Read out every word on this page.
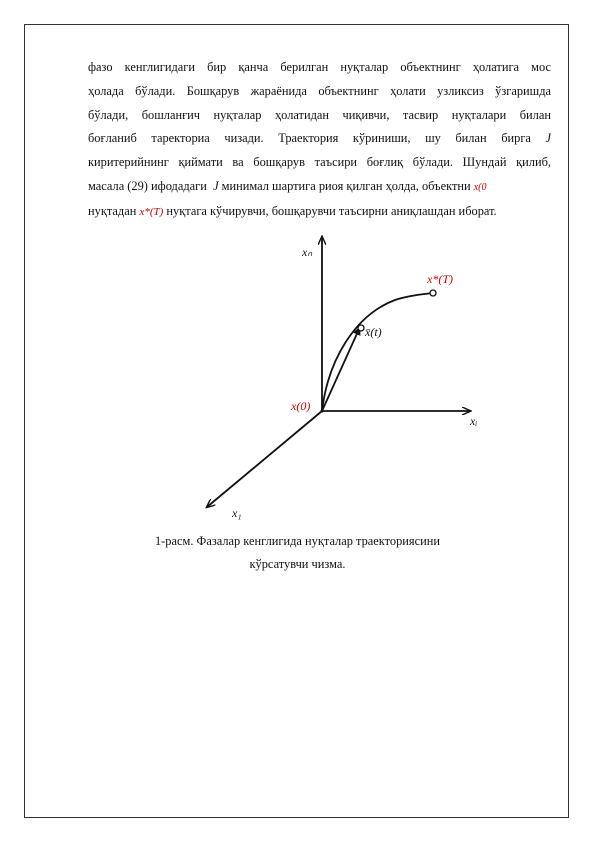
фазо кенглигидаги бир қанча берилган нуқталар объектнинг ҳолатига мос
ҳолада бўлади. Бошқарув жараёнида объектнинг ҳолати узликсиз ўзгаришда
бўлади, бошланғич нуқталар ҳолатидан чиқивчи, тасвир нуқталари билан
боғланиб таректориа чизади. Траектория кўриниши, шу билан бирга J
киритерийнинг қиймати ва бошқарув таъсири боғлиқ бўлади. Шундай қилиб,
масала (29) ифодадаги J минимал шартига риоя қилган ҳолда, объектни x(0
нуқтадан x*(T) нуқтага кўчирувчи, бошқарувчи таъсирни аниқлашдан иборат.
xₙ
xᵢ
x₁
x(0)
x̄(t)
x*(T)
1-расм. Фазалар кенглигида нуқталар траекториясини
кўрсатувчи чизма.
